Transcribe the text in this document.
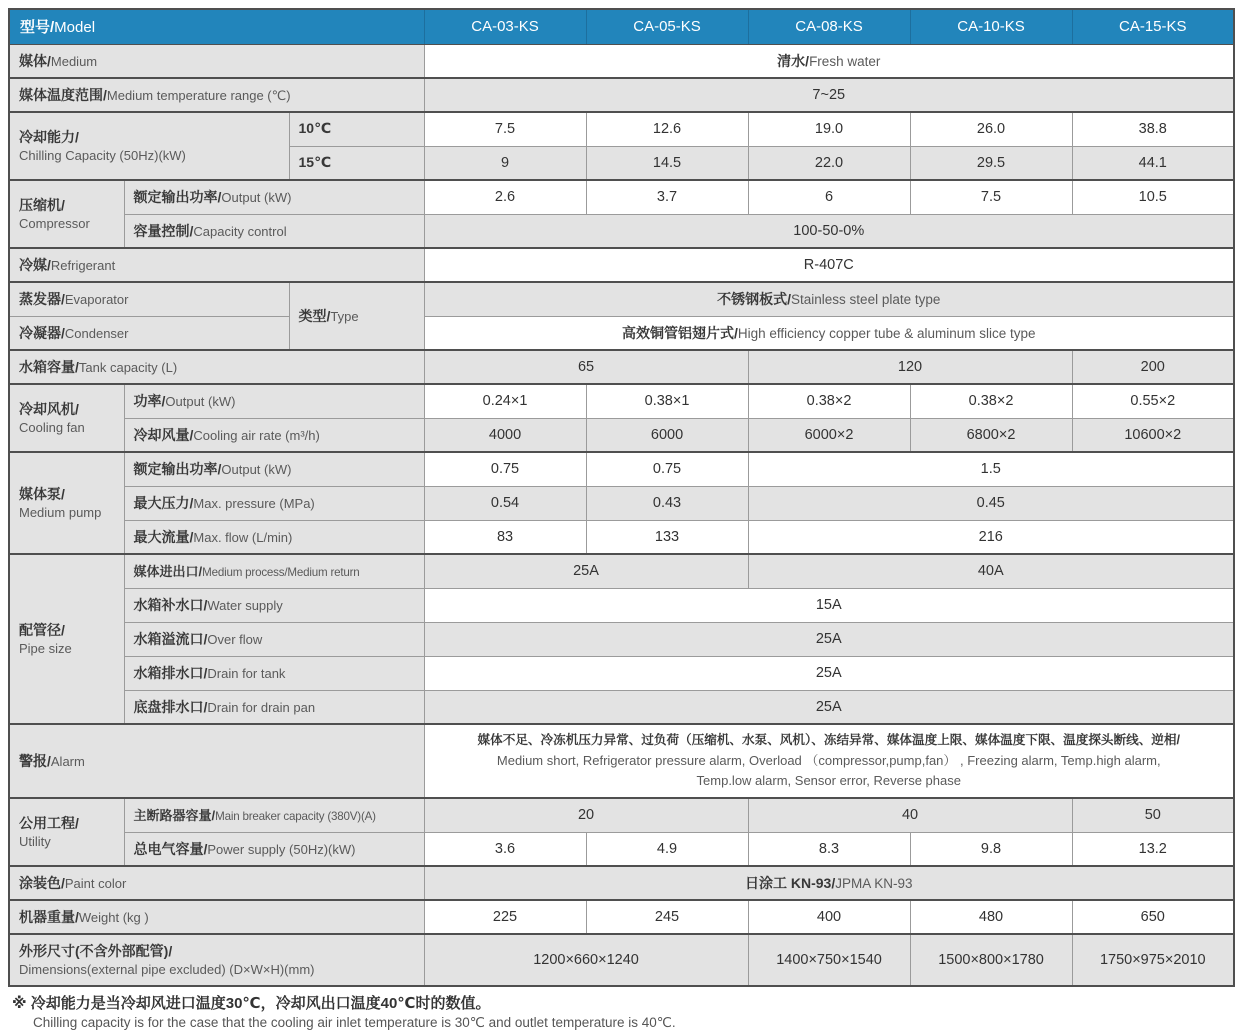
型号/Model			CA-03-KS	CA-05-KS	CA-08-KS	CA-10-KS	CA-15-KS
媒体/Medium			清水/Fresh water				
媒体温度范围/Medium temperature range (℃)			7~25				

冷却能力/
Chilling Capacity (50Hz)(kW)		10℃	7.5	12.6	19.0	26.0	38.8
		15℃	9	14.5	22.0	29.5	44.1

压缩机/
Compressor	额定输出功率/Output (kW)		2.6	3.7	6	7.5	10.5
	容量控制/Capacity control		100-50-0%				
冷媒/Refrigerant			R-407C				
蒸发器/Evaporator		类型/Type	不锈钢板式/Stainless steel plate type				
冷凝器/Condenser			高效铜管铝翅片式/High efficiency copper tube & aluminum slice type				
水箱容量/Tank capacity (L)			65		120		200

冷却风机/
Cooling fan	功率/Output (kW)		0.24×1	0.38×1	0.38×2	0.38×2	0.55×2
	冷却风量/Cooling air rate (m³/h)		4000	6000	6000×2	6800×2	10600×2

媒体泵/
Medium pump	额定输出功率/Output (kW)		0.75	0.75	1.5		
	最大压力/Max. pressure (MPa)		0.54	0.43	0.45		
	最大流量/Max. flow (L/min)		83	133	216		

配管径/
Pipe size	媒体进出口/Medium process/Medium return		25A		40A		
	水箱补水口/Water supply		15A				
	水箱溢流口/Over flow		25A				
	水箱排水口/Drain for tank		25A				
	底盘排水口/Drain for drain pan		25A				
警报/Alarm			媒体不足、冷冻机压力异常、过负荷（压缩机、水泵、风机）、冻结异常、媒体温度上限、媒体温度下限、温度探头断线、逆相/
Medium short, Refrigerator pressure alarm, Overload （compressor,pump,fan） , Freezing alarm, Temp.high alarm,
Temp.low alarm, Sensor error, Reverse phase				

公用工程/
Utility	主断路器容量/Main breaker capacity (380V)(A)		20		40		50
	总电气容量/Power supply (50Hz)(kW)		3.6	4.9	8.3	9.8	13.2
涂装色/Paint color			日涂工 KN-93/JPMA KN-93				
机器重量/Weight (kg )			225	245	400	480	650

外形尺寸(不含外部配管)/
Dimensions(external pipe excluded) (D×W×H)(mm)			1200×660×1240		1400×750×1540	1500×800×1780	1750×975×2010
※ 冷却能力是当冷却风进口温度30℃，冷却风出口温度40℃时的数值。
Chilling capacity is for the case that the cooling air inlet temperature is 30℃ and outlet temperature is 40℃.
